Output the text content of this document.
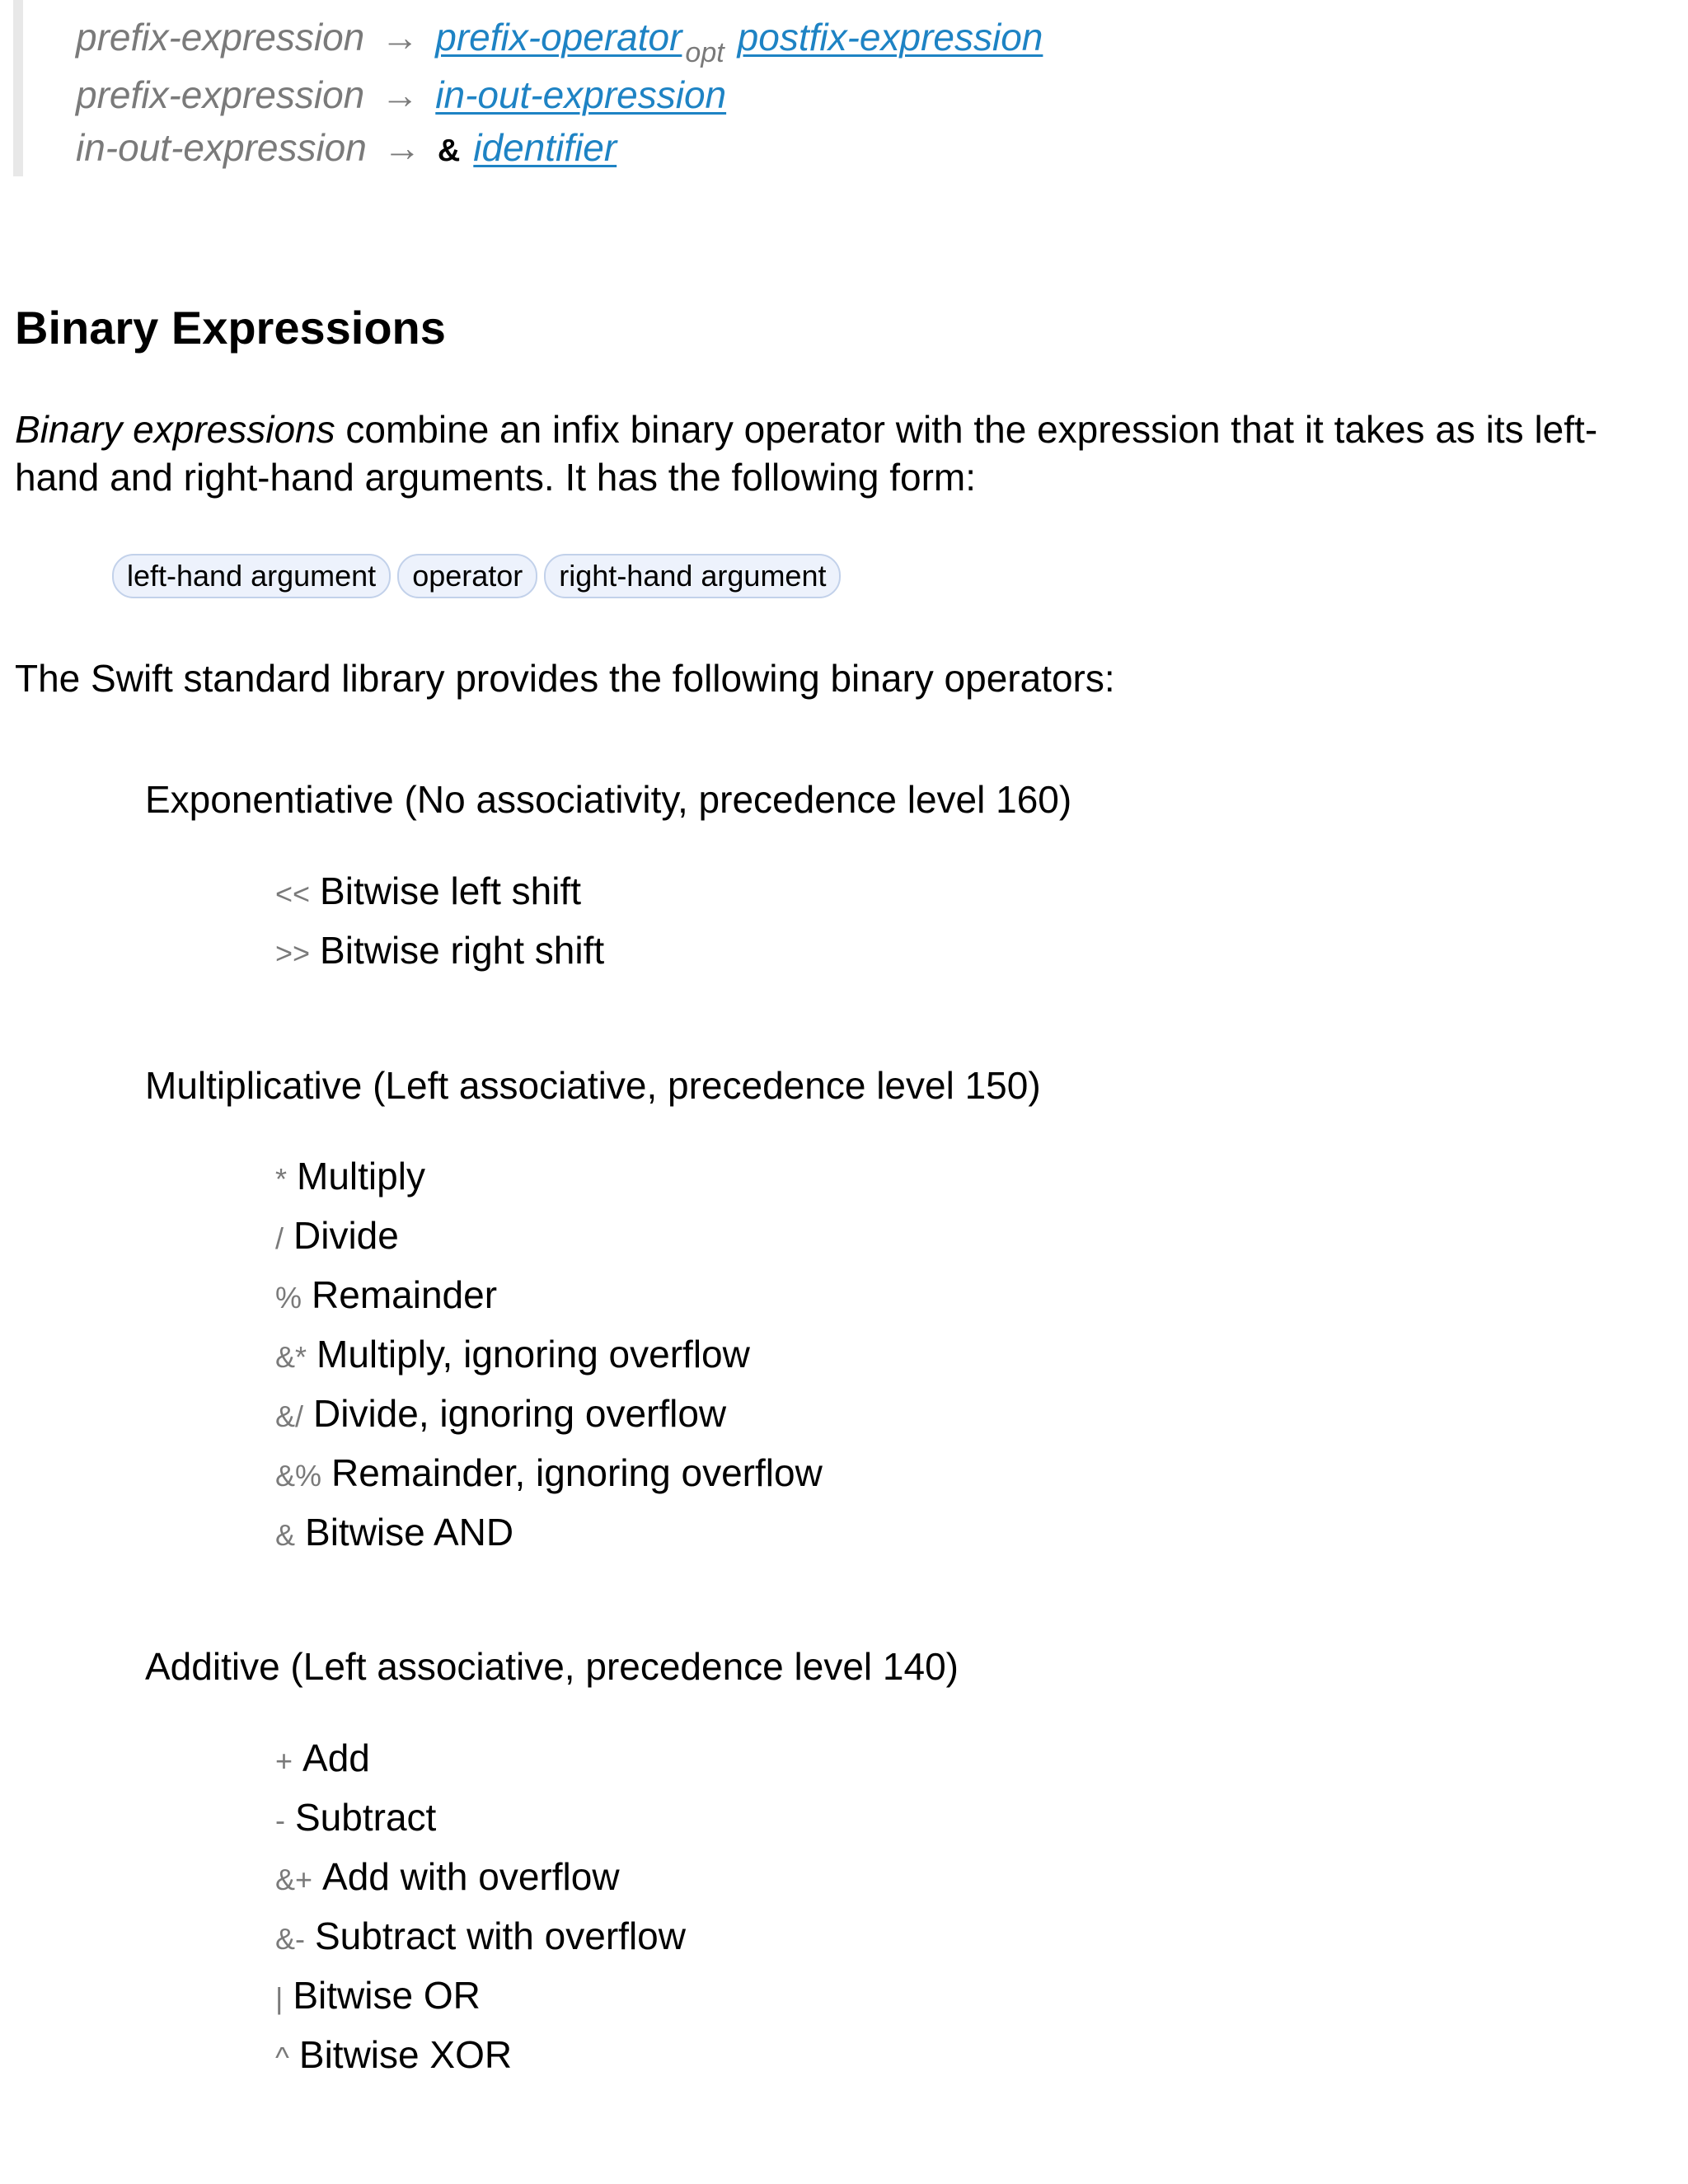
prefix-expression → prefix-operator $_{opt}$ postfix-expression
prefix-expression → in-out-expression
in-out-expression → & identifier
Binary Expressions
Binary expressions combine an infix binary operator with the expression that it takes as its left-hand and right-hand arguments. It has the following form:
left-hand argument operator right-hand argument
The Swift standard library provides the following binary operators:
Exponentiative (No associativity, precedence level 160)
<< Bitwise left shift
>> Bitwise right shift
Multiplicative (Left associative, precedence level 150)
* Multiply
/ Divide
% Remainder
&* Multiply, ignoring overflow
&/ Divide, ignoring overflow
&% Remainder, ignoring overflow
& Bitwise AND
Additive (Left associative, precedence level 140)
+ Add
- Subtract
&+ Add with overflow
&- Subtract with overflow
| Bitwise OR
^ Bitwise XOR
